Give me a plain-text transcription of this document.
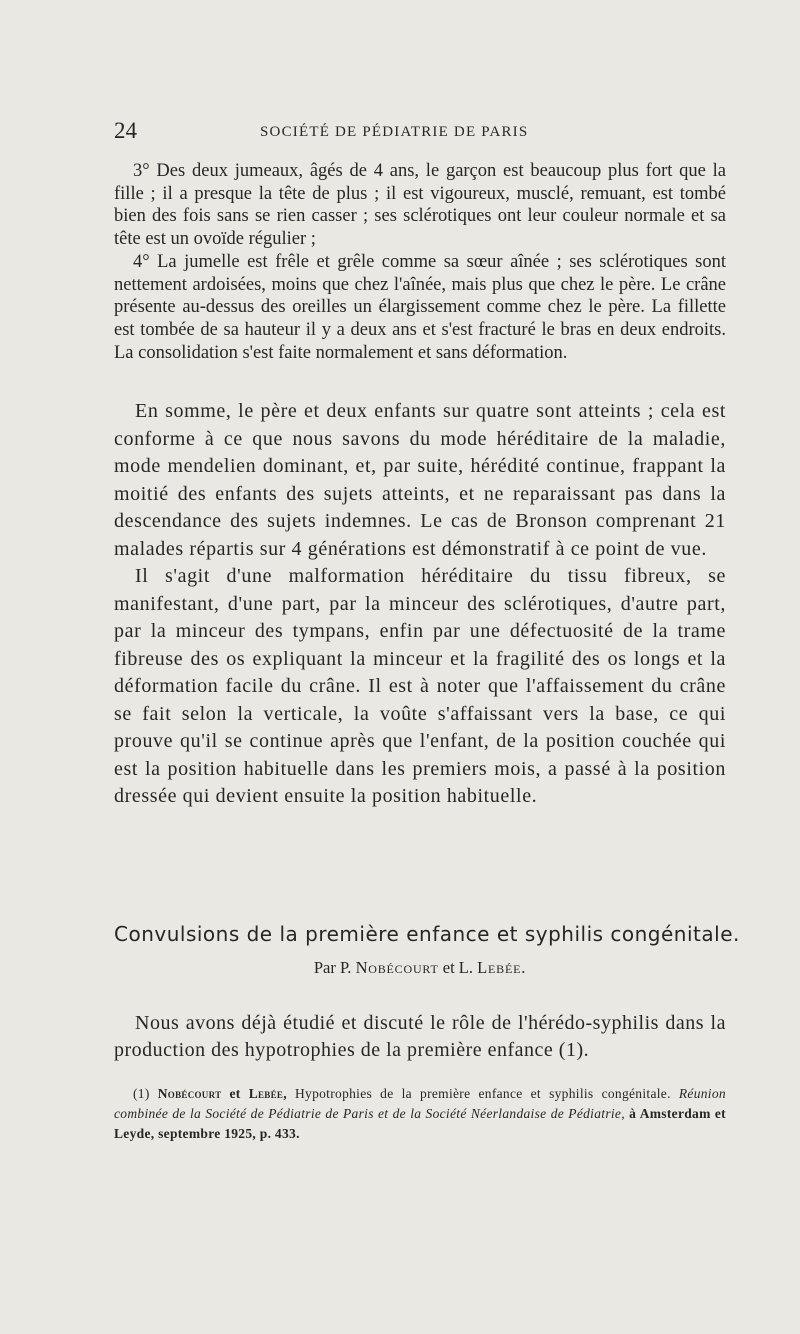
24	SOCIÉTÉ DE PÉDIATRIE DE PARIS

3° Des deux jumeaux, âgés de 4 ans, le garçon est beaucoup plus fort que la fille ; il a presque la tête de plus ; il est vigoureux, musclé, remuant, est tombé bien des fois sans se rien casser ; ses sclérotiques ont leur couleur normale et sa tête est un ovoïde régulier ;

4° La jumelle est frêle et grêle comme sa sœur aînée ; ses sclérotiques sont nettement ardoisées, moins que chez l'aînée, mais plus que chez le père. Le crâne présente au-dessus des oreilles un élargissement comme chez le père. La fillette est tombée de sa hauteur il y a deux ans et s'est fracturé le bras en deux endroits. La consolidation s'est faite normalement et sans déformation.

En somme, le père et deux enfants sur quatre sont atteints ; cela est conforme à ce que nous savons du mode héréditaire de la maladie, mode mendelien dominant, et, par suite, hérédité continue, frappant la moitié des enfants des sujets atteints, et ne reparaissant pas dans la descendance des sujets indemnes. Le cas de Bronson comprenant 21 malades répartis sur 4 générations est démonstratif à ce point de vue.

Il s'agit d'une malformation héréditaire du tissu fibreux, se manifestant, d'une part, par la minceur des sclérotiques, d'autre part, par la minceur des tympans, enfin par une défectuosité de la trame fibreuse des os expliquant la minceur et la fragilité des os longs et la déformation facile du crâne. Il est à noter que l'affaissement du crâne se fait selon la verticale, la voûte s'affaissant vers la base, ce qui prouve qu'il se continue après que l'enfant, de la position couchée qui est la position habituelle dans les premiers mois, a passé à la position dressée qui devient ensuite la position habituelle.

Convulsions de la première enfance et syphilis congénitale.
Par P. Nobécourt et L. Lebée.

Nous avons déjà étudié et discuté le rôle de l'hérédo-syphilis dans la production des hypotrophies de la première enfance (1).

(1) Nobécourt et Lebée, Hypotrophies de la première enfance et syphilis congénitale. Réunion combinée de la Société de Pédiatrie de Paris et de la Société Néerlandaise de Pédiatrie, à Amsterdam et Leyde, septembre 1925, p. 433.
